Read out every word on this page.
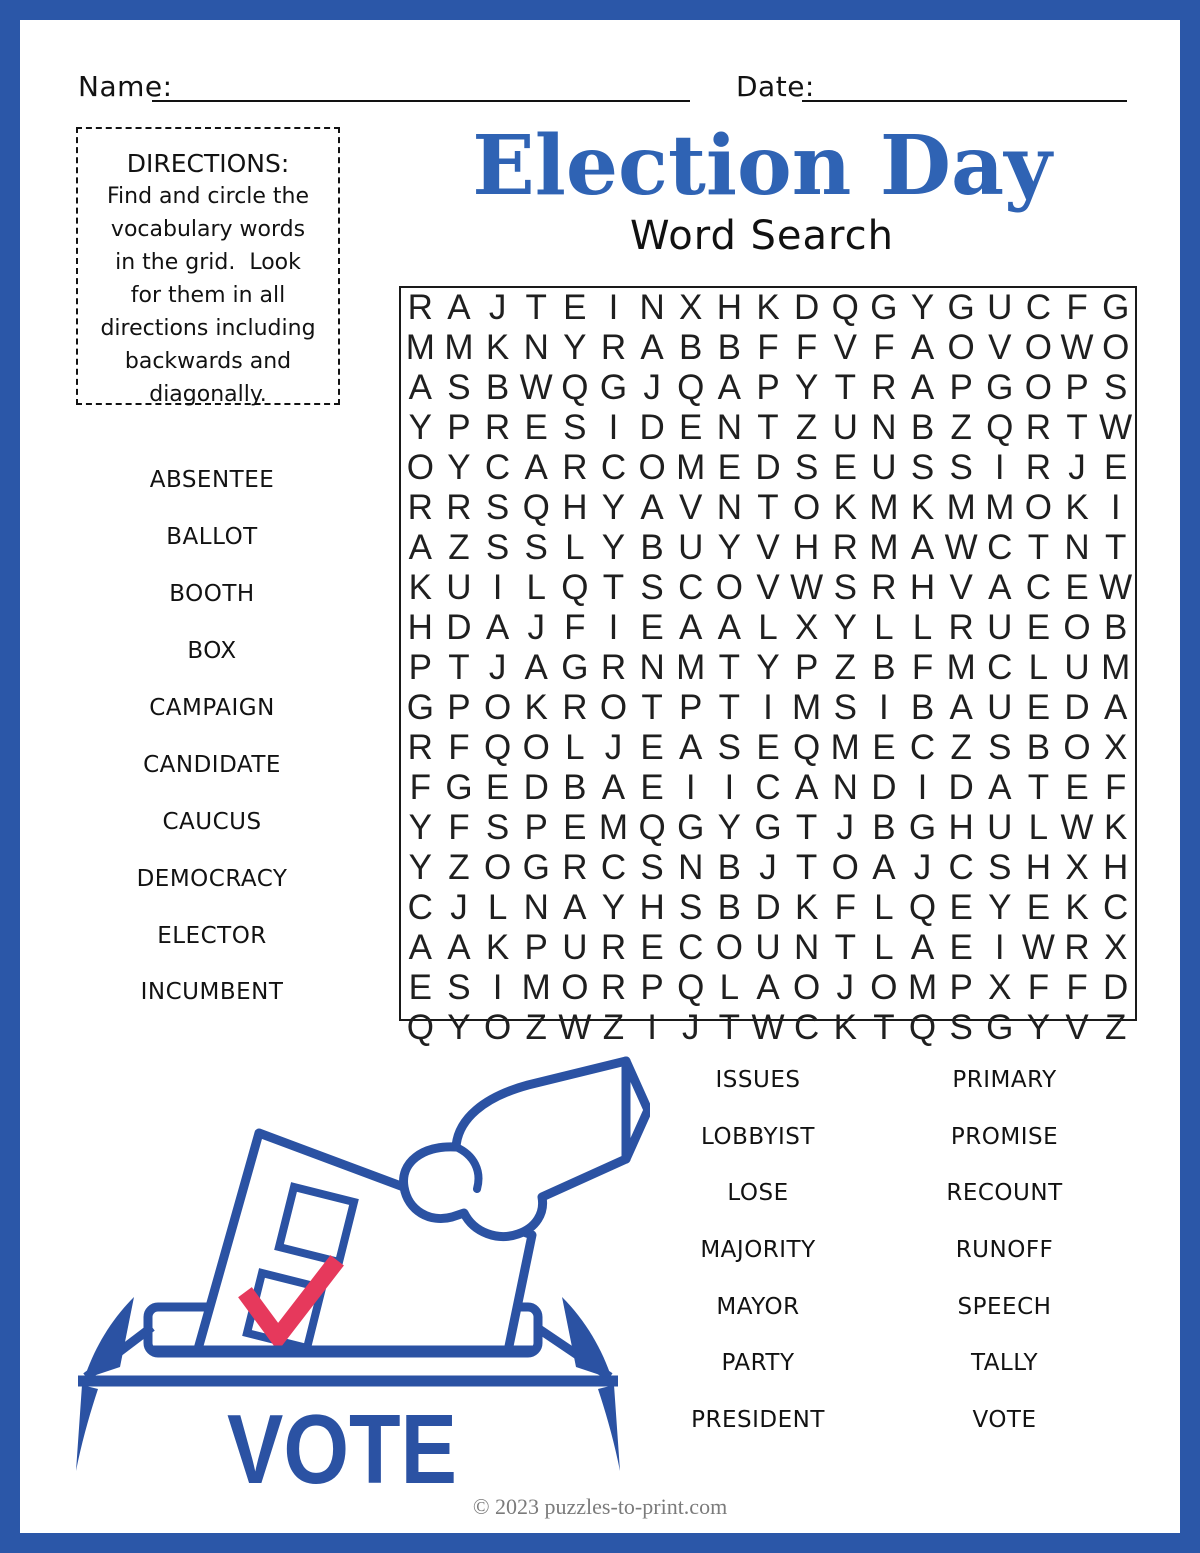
Name:	Date:
DIRECTIONS:
Find and circle the
vocabulary words
in the grid.  Look
for them in all
directions including
backwards and
diagonally.
Election Day
Word Search
ABSENTEE
BALLOT
BOOTH
BOX
CAMPAIGN
CANDIDATE
CAUCUS
DEMOCRACY
ELECTOR
INCUMBENT
R A J T E I N X H K D Q G Y G U C F G
M M K N Y R A B B F F V F A O V O W O
A S B W Q G J Q A P Y T R A P G O P S
Y P R E S I D E N T Z U N B Z Q R T W
O Y C A R C O M E D S E U S S I R J E
R R S Q H Y A V N T O K M K M M O K I
A Z S S L Y B U Y V H R M A W C T N T
K U I L Q T S C O V W S R H V A C E W
H D A J F I E A A L X Y L L R U E O B
P T J A G R N M T Y P Z B F M C L U M
G P O K R O T P T I M S I B A U E D A
R F Q O L J E A S E Q M E C Z S B O X
F G E D B A E I I C A N D I D A T E F
Y F S P E M Q G Y G T J B G H U L W K
Y Z O G R C S N B J T O A J C S H X H
C J L N A Y H S B D K F L Q E Y E K C
A A K P U R E C O U N T L A E I W R X
E S I M O R P Q L A O J O M P X F F D
Q Y O Z W Z I J T W C K T Q S G Y V Z
ISSUES
LOBBYIST
LOSE
MAJORITY
MAYOR
PARTY
PRESIDENT
PRIMARY
PROMISE
RECOUNT
RUNOFF
SPEECH
TALLY
VOTE
VOTE
© 2023 puzzles-to-print.com
